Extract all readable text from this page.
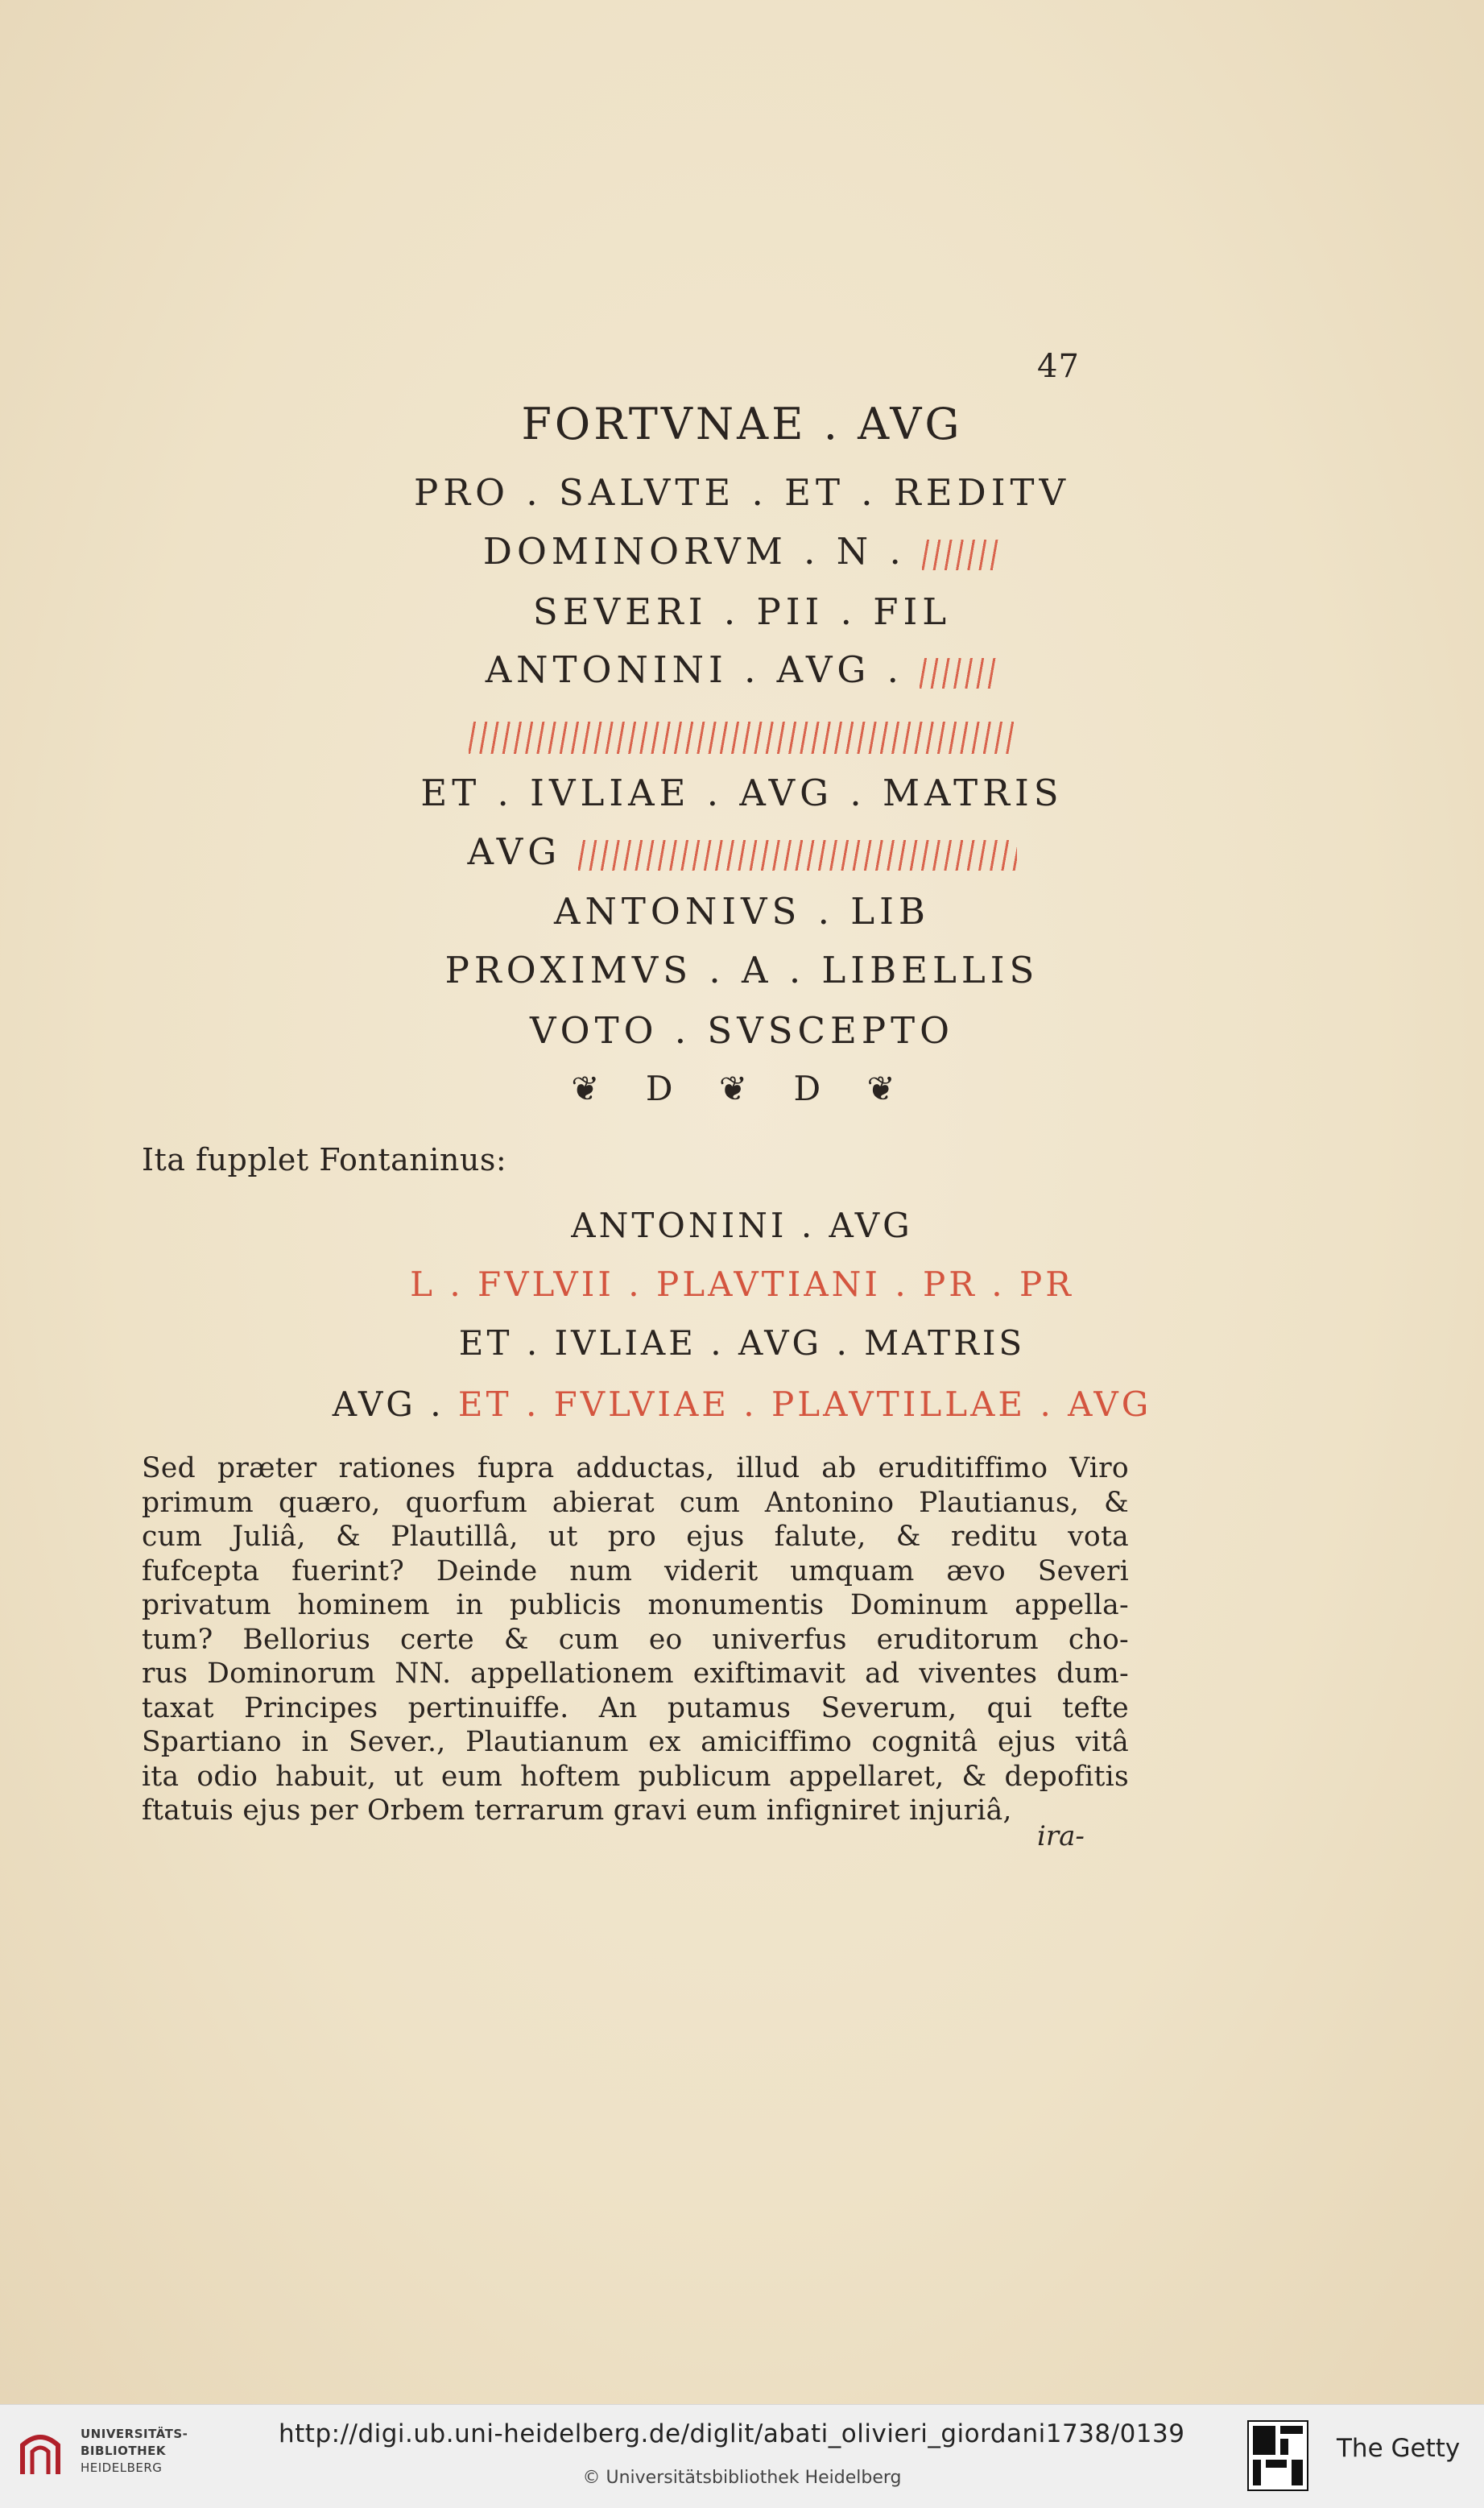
47
FORTVNAE . AVG
PRO . SALVTE . ET . REDITV
DOMINORVM . N .
SEVERI . PII . FIL
ANTONINI . AVG .
ET . IVLIAE . AVG . MATRIS
AVG
ANTONIVS . LIB
PROXIMVS . A . LIBELLIS
VOTO . SVSCEPTO
❦ D ❦ D ❦
Ita fupplet Fontaninus:
ANTONINI . AVG
L . FVLVII . PLAVTIANI . PR . PR
ET . IVLIAE . AVG . MATRIS
AVG . ET . FVLVIAE . PLAVTILLAE . AVG
Sed præter rationes fupra adductas, illud ab eruditiffimo Viro
primum quæro, quorfum abierat cum Antonino Plautianus, &
cum Juliâ, & Plautillâ, ut pro ejus falute, & reditu vota
fufcepta fuerint? Deinde num viderit umquam ævo Severi
privatum hominem in publicis monumentis Dominum appella-
tum? Bellorius certe & cum eo univerfus eruditorum cho-
rus Dominorum NN. appellationem exiftimavit ad viventes dum-
taxat Principes pertinuiffe. An putamus Severum, qui tefte
Spartiano in Sever., Plautianum ex amiciffimo cognitâ ejus vitâ
ita odio habuit, ut eum hoftem publicum appellaret, & depofitis
ftatuis ejus per Orbem terrarum gravi eum infigniret injuriâ,
ira-
UNIVERSITÄTS-
BIBLIOTHEK
HEIDELBERG
http://digi.ub.uni-heidelberg.de/diglit/abati_olivieri_giordani1738/0139
© Universitätsbibliothek Heidelberg
The Getty
